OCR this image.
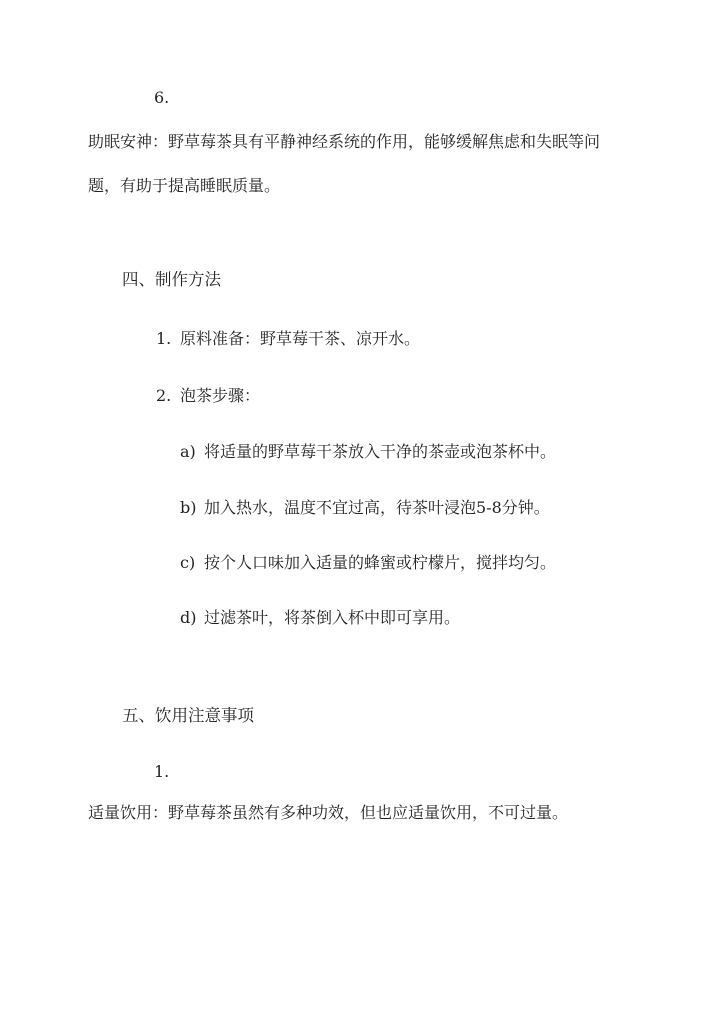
6.

助眠安神：野草莓茶具有平静神经系统的作用，能够缓解焦虑和失眠等问

题，有助于提高睡眠质量。

四、制作方法

1. 原料准备：野草莓干茶、凉开水。

2. 泡茶步骤：

a) 将适量的野草莓干茶放入干净的茶壶或泡茶杯中。

b) 加入热水，温度不宜过高，待茶叶浸泡5-8分钟。

c) 按个人口味加入适量的蜂蜜或柠檬片，搅拌均匀。

d) 过滤茶叶，将茶倒入杯中即可享用。

五、饮用注意事项

1.

适量饮用：野草莓茶虽然有多种功效，但也应适量饮用，不可过量。
